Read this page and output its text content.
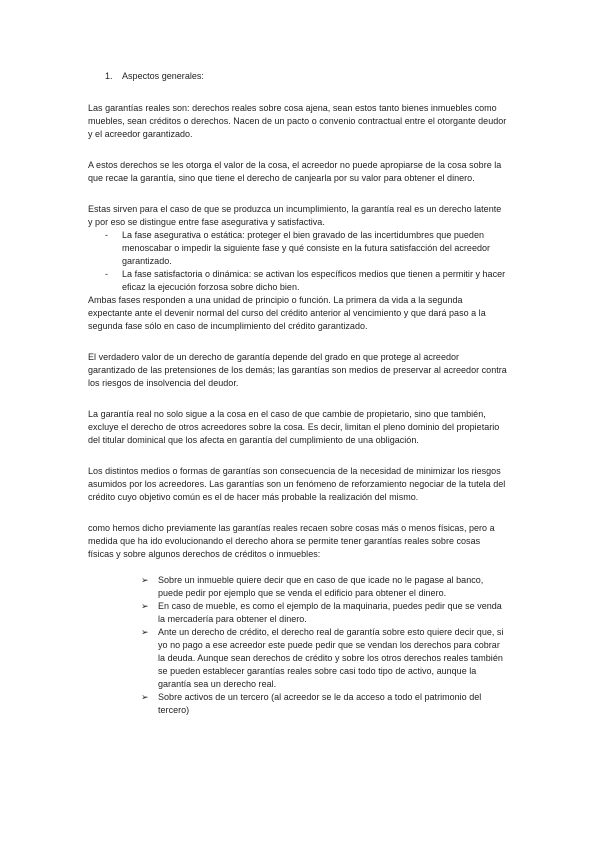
1.	Aspectos generales:

Las garantías reales son: derechos reales sobre cosa ajena, sean estos tanto bienes inmuebles como muebles, sean créditos o derechos. Nacen de un pacto o convenio contractual entre el otorgante deudor y el acreedor garantizado.

A estos derechos se les otorga el valor de la cosa, el acreedor no puede apropiarse de la cosa sobre la que recae la garantía, sino que tiene el derecho de canjearla por su valor para obtener el dinero.

Estas sirven para el caso de que se produzca un incumplimiento, la garantía real es un derecho latente y por eso se distingue entre fase asegurativa y satisfactiva.

-	La fase asegurativa o estática: proteger el bien gravado de las incertidumbres que pueden menoscabar o impedir la siguiente fase y qué consiste en la futura satisfacción del acreedor garantizado.
-	La fase satisfactoria o dinámica: se activan los específicos medios que tienen a permitir y hacer eficaz la ejecución forzosa sobre dicho bien.

Ambas fases responden a una unidad de principio o función. La primera da vida a la segunda expectante ante el devenir normal del curso del crédito anterior al vencimiento y que dará paso a la segunda fase sólo en caso de incumplimiento del crédito garantizado.

El verdadero valor de un derecho de garantía depende del grado en que protege al acreedor garantizado de las pretensiones de los demás; las garantías son medios de preservar al acreedor contra los riesgos de insolvencia del deudor.

La garantía real no solo sigue a la cosa en el caso de que cambie de propietario, sino que también, excluye el derecho de otros acreedores sobre la cosa. Es decir, limitan el pleno dominio del propietario del titular dominical que los afecta en garantía del cumplimiento de una obligación.

Los distintos medios o formas de garantías son consecuencia de la necesidad de minimizar los riesgos asumidos por los acreedores. Las garantías son un fenómeno de reforzamiento negociar de la tutela del crédito cuyo objetivo común es el de hacer más probable la realización del mismo.

como hemos dicho previamente las garantías reales recaen sobre cosas más o menos físicas, pero a medida que ha ido evolucionando el derecho ahora se permite tener garantías reales sobre cosas físicas y sobre algunos derechos de créditos o inmuebles:

➢	Sobre un inmueble quiere decir que en caso de que icade no le pagase al banco, puede pedir por ejemplo que se venda el edificio para obtener el dinero.
➢	En caso de mueble, es como el ejemplo de la maquinaria, puedes pedir que se venda la mercadería para obtener el dinero.
➢	Ante un derecho de crédito, el derecho real de garantía sobre esto quiere decir que, si yo no pago a ese acreedor este puede pedir que se vendan los derechos para cobrar la deuda. Aunque sean derechos de crédito y sobre los otros derechos reales también se pueden establecer garantías reales sobre casi todo tipo de activo, aunque la garantía sea un derecho real.
➢	Sobre activos de un tercero (al acreedor se le da acceso a todo el patrimonio del tercero)
